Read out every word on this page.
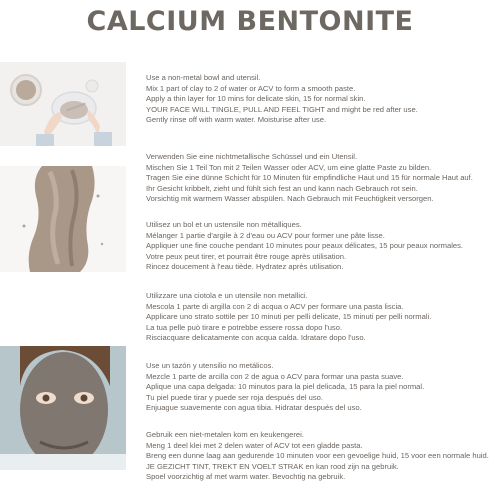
CALCIUM BENTONITE
Use a non-metal bowl and utensil.
Mix 1 part of clay to 2 of water or ACV to form a smooth paste.
Apply a thin layer for 10 mins for delicate skin, 15 for normal skin.
YOUR FACE WILL TINGLE, PULL AND FEEL TIGHT and might be red after use.
Gently rinse off with warm water. Moisturise after use.
Verwenden Sie eine nichtmetallische Schüssel und ein Utensil.
Mischen Sie 1 Teil Ton mit 2 Teilen Wasser oder ACV, um eine glatte Paste zu bilden.
Tragen Sie eine dünne Schicht für 10 Minuten für empfindliche Haut und 15 für normale Haut auf.
Ihr Gesicht kribbelt, zieht und fühlt sich fest an und kann nach Gebrauch rot sein.
Vorsichtig mit warmem Wasser abspülen. Nach Gebrauch mit Feuchtigkeit versorgen.
Utilisez un bol et un ustensile non métalliques.
Mélanger 1 partie d'argile à 2 d'eau ou ACV pour former une pâte lisse.
Appliquer une fine couche pendant 10 minutes pour peaux délicates, 15 pour peaux normales.
Votre peux peut tirer, et pourrait être rouge après utilisation.
Rincez doucement à l'eau tiède. Hydratez après utilisation.
Utilizzare una ciotola e un utensile non metallici.
Mescola 1 parte di argilla con 2 di acqua o ACV per formare una pasta liscia.
Applicare uno strato sottile per 10 minuti per pelli delicate, 15 minuti per pelli normali.
La tua pelle può tirare e potrebbe essere rossa dopo l'uso.
Risciacquare delicatamente con acqua calda. Idratare dopo l'uso.
Use un tazón y utensilio no metálicos.
Mezcle 1 parte de arcilla con 2 de agua o ACV para formar una pasta suave.
Aplique una capa delgada: 10 minutos para la piel delicada, 15 para la piel normal.
Tu piel puede tirar y puede ser roja después del uso.
Enjuague suavemente con agua tibia. Hidratar después del uso.
Gebruik een niet-metalen kom en keukengerei.
Meng 1 deel klei met 2 delen water of ACV tot een gladde pasta.
Breng een dunne laag aan gedurende 10 minuten voor een gevoelige huid, 15 voor een normale huid.
JE GEZICHT TINT, TREKT EN VOELT STRAK en kan rood zijn na gebruik.
Spoel voorzichtig af met warm water. Bevochtig na gebruik.
